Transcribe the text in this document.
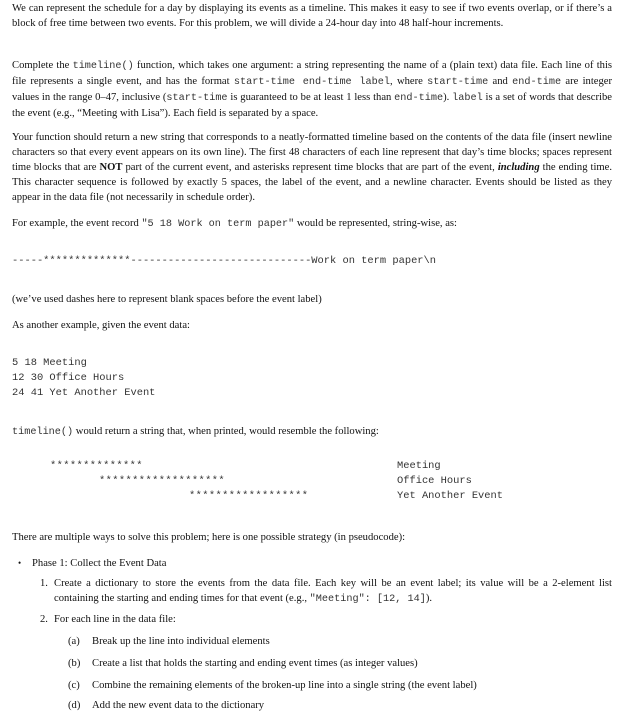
We can represent the schedule for a day by displaying its events as a timeline. This makes it easy to see if two events overlap, or if there’s a block of free time between two events. For this problem, we will divide a 24-hour day into 48 half-hour increments.

Complete the timeline() function, which takes one argument: a string representing the name of a (plain text) data file. Each line of this file represents a single event, and has the format start-time end-time label, where start-time and end-time are integer values in the range 0–47, inclusive (start-time is guaranteed to be at least 1 less than end-time). label is a set of words that describe the event (e.g., “Meeting with Lisa”). Each field is separated by a space.

Your function should return a new string that corresponds to a neatly-formatted timeline based on the contents of the data file (insert newline characters so that every event appears on its own line). The first 48 characters of each line represent that day’s time blocks; spaces represent time blocks that are NOT part of the current event, and asterisks represent time blocks that are part of the event, including the ending time. This character sequence is followed by exactly 5 spaces, the label of the event, and a newline character. Events should be listed as they appear in the data file (not necessarily in schedule order).

For example, the event record "5 18 Work on term paper" would be represented, string-wise, as:

-----**************-----------------------------Work on term paper\n

(we’ve used dashes here to represent blank spaces before the event label)

As another example, given the event data:

5 18 Meeting
12 30 Office Hours
24 41 Yet Another Event

timeline() would return a string that, when printed, would resemble the following:

**************	Meeting
*******************	Office Hours
******************	Yet Another Event

There are multiple ways to solve this problem; here is one possible strategy (in pseudocode):

• Phase 1: Collect the Event Data

1. Create a dictionary to store the events from the data file. Each key will be an event label; its value will be a 2-element list containing the starting and ending times for that event (e.g., "Meeting": [12, 14]).

2. For each line in the data file:

(a)	Break up the line into individual elements
(b)	Create a list that holds the starting and ending event times (as integer values)
(c)	Combine the remaining elements of the broken-up line into a single string (the event label)
(d)	Add the new event data to the dictionary
